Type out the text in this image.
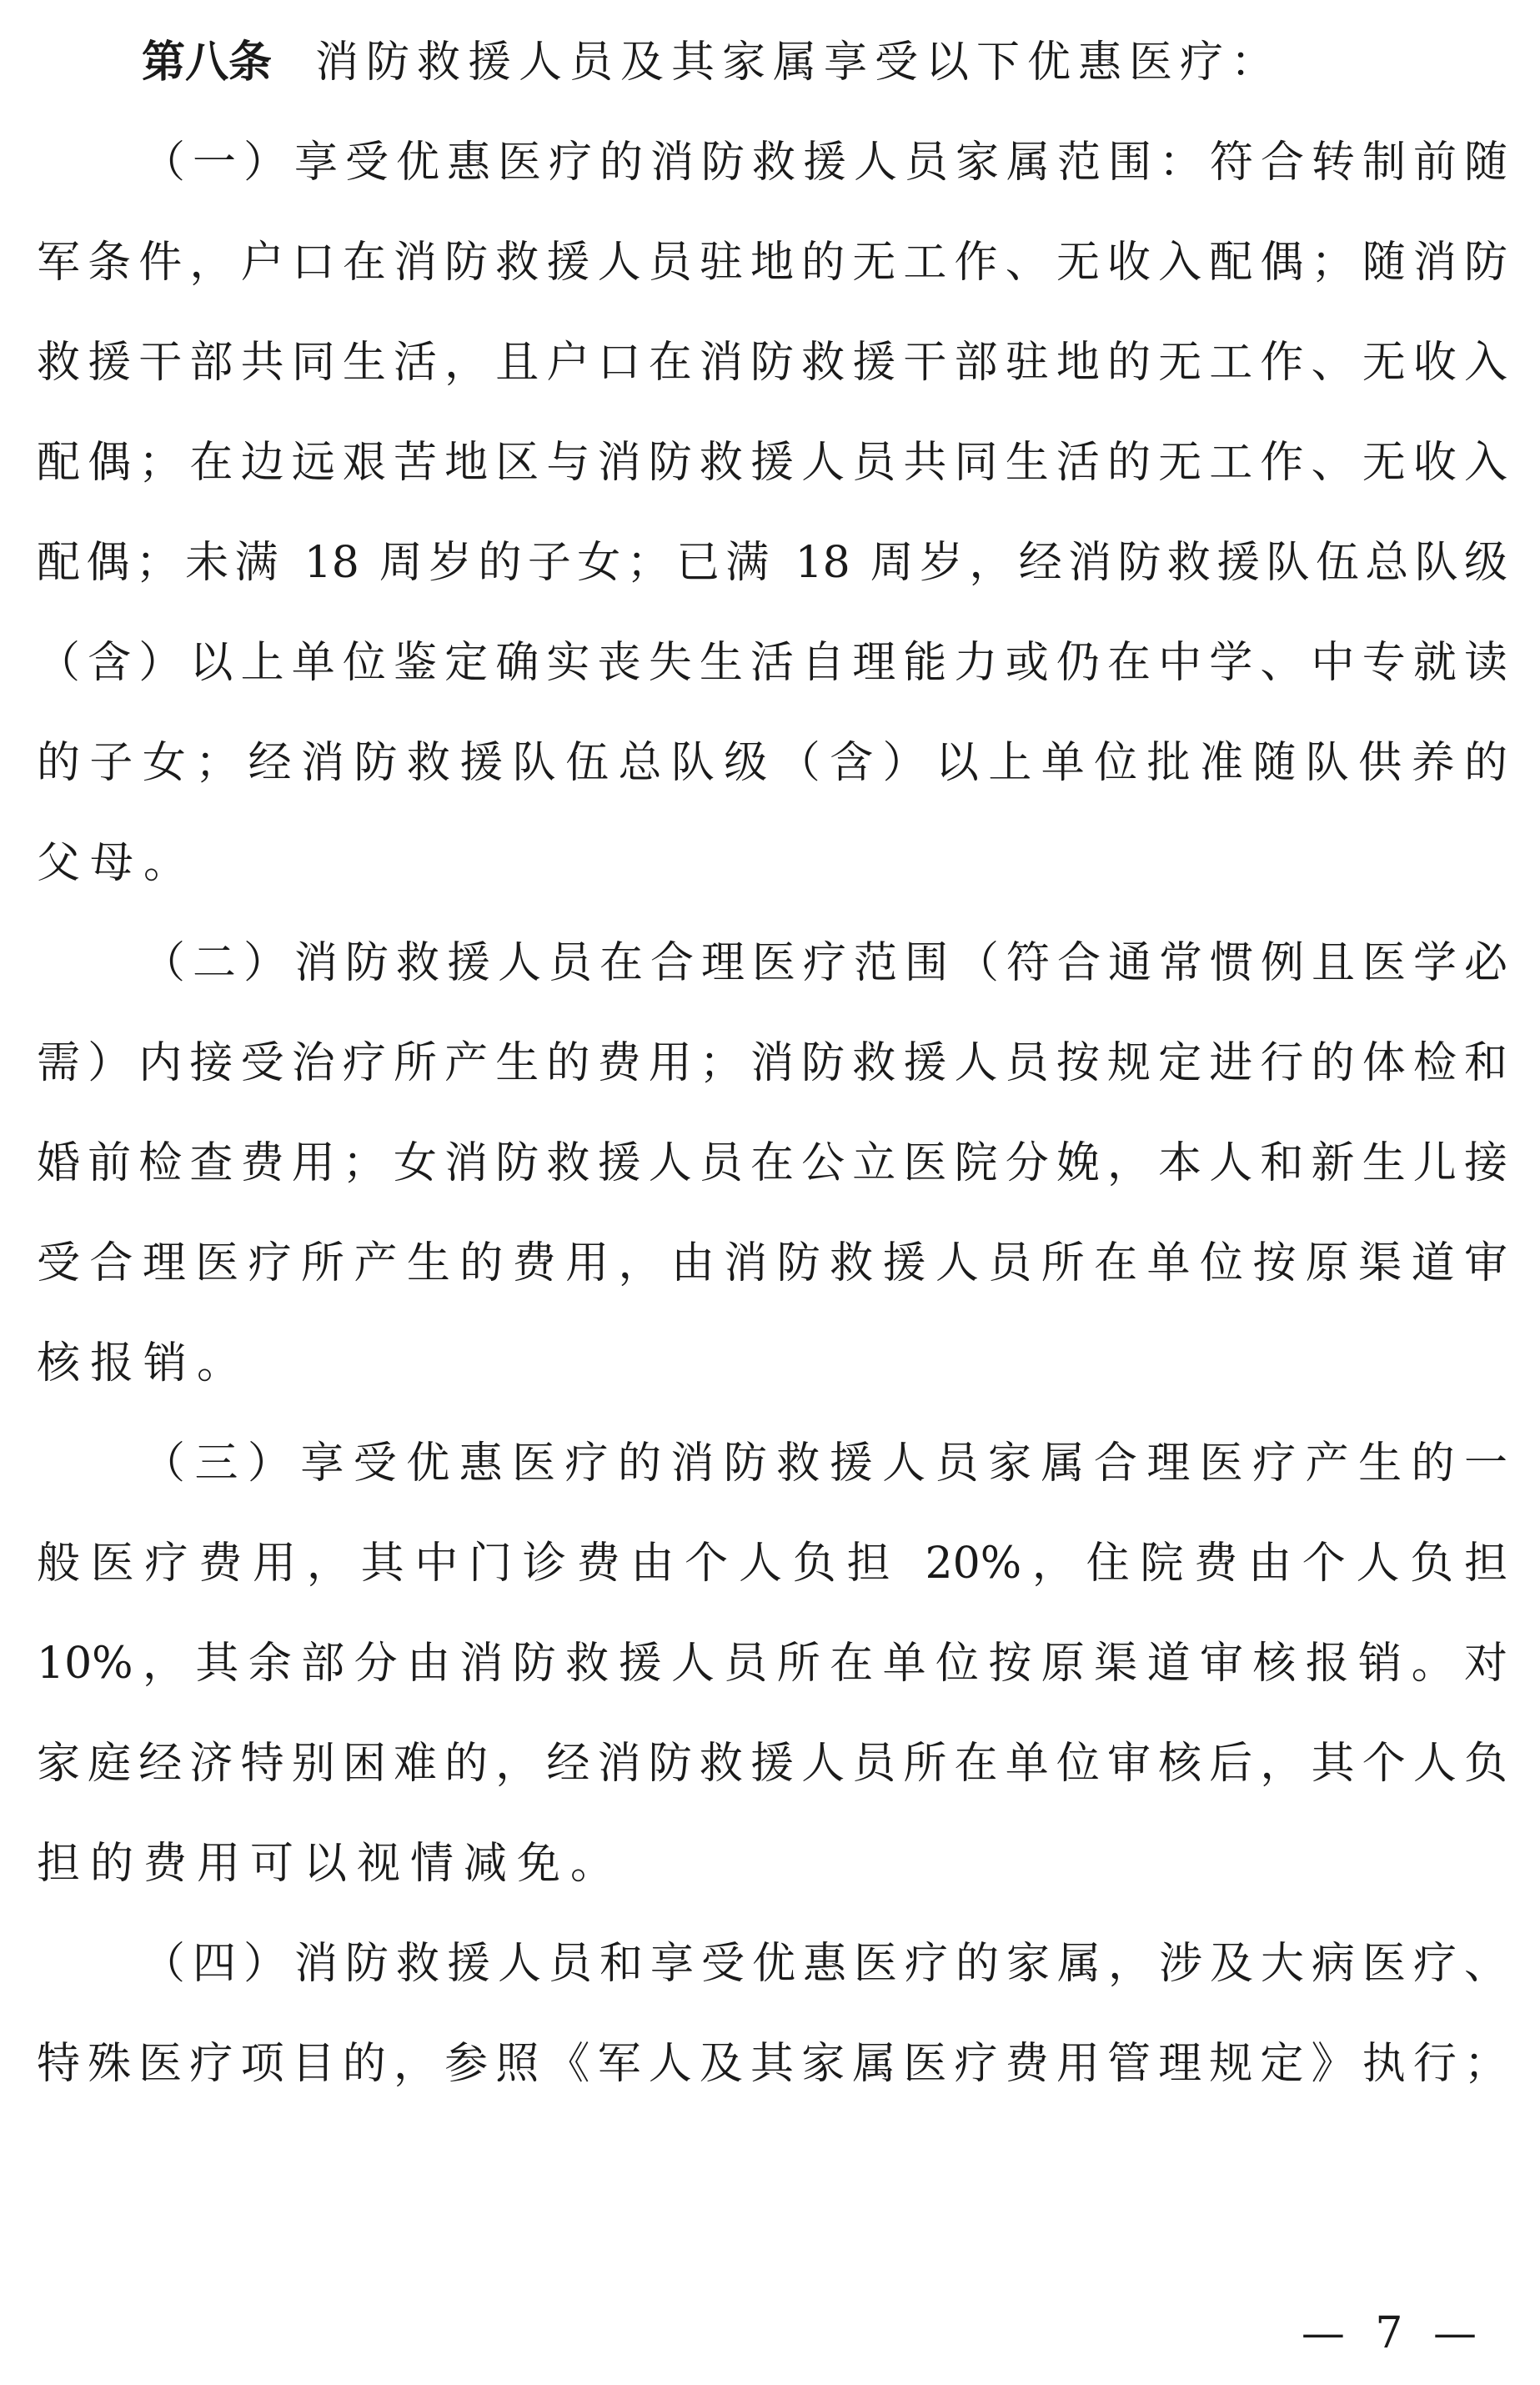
第八条 消防救援人员及其家属享受以下优惠医疗：
（一）享受优惠医疗的消防救援人员家属范围：符合转制前随
军条件，户口在消防救援人员驻地的无工作、无收入配偶；随消防
救援干部共同生活，且户口在消防救援干部驻地的无工作、无收入
配偶；在边远艰苦地区与消防救援人员共同生活的无工作、无收入
配偶；未满 18 周岁的子女；已满 18 周岁，经消防救援队伍总队级
（含）以上单位鉴定确实丧失生活自理能力或仍在中学、中专就读
的子女；经消防救援队伍总队级（含）以上单位批准随队供养的
父母。
（二）消防救援人员在合理医疗范围（符合通常惯例且医学必
需）内接受治疗所产生的费用；消防救援人员按规定进行的体检和
婚前检查费用；女消防救援人员在公立医院分娩，本人和新生儿接
受合理医疗所产生的费用，由消防救援人员所在单位按原渠道审
核报销。
（三）享受优惠医疗的消防救援人员家属合理医疗产生的一
般医疗费用，其中门诊费由个人负担 20%，住院费由个人负担
10%，其余部分由消防救援人员所在单位按原渠道审核报销。对
家庭经济特别困难的，经消防救援人员所在单位审核后，其个人负
担的费用可以视情减免。
（四）消防救援人员和享受优惠医疗的家属，涉及大病医疗、
特殊医疗项目的，参照《军人及其家属医疗费用管理规定》执行；
— 7 —
